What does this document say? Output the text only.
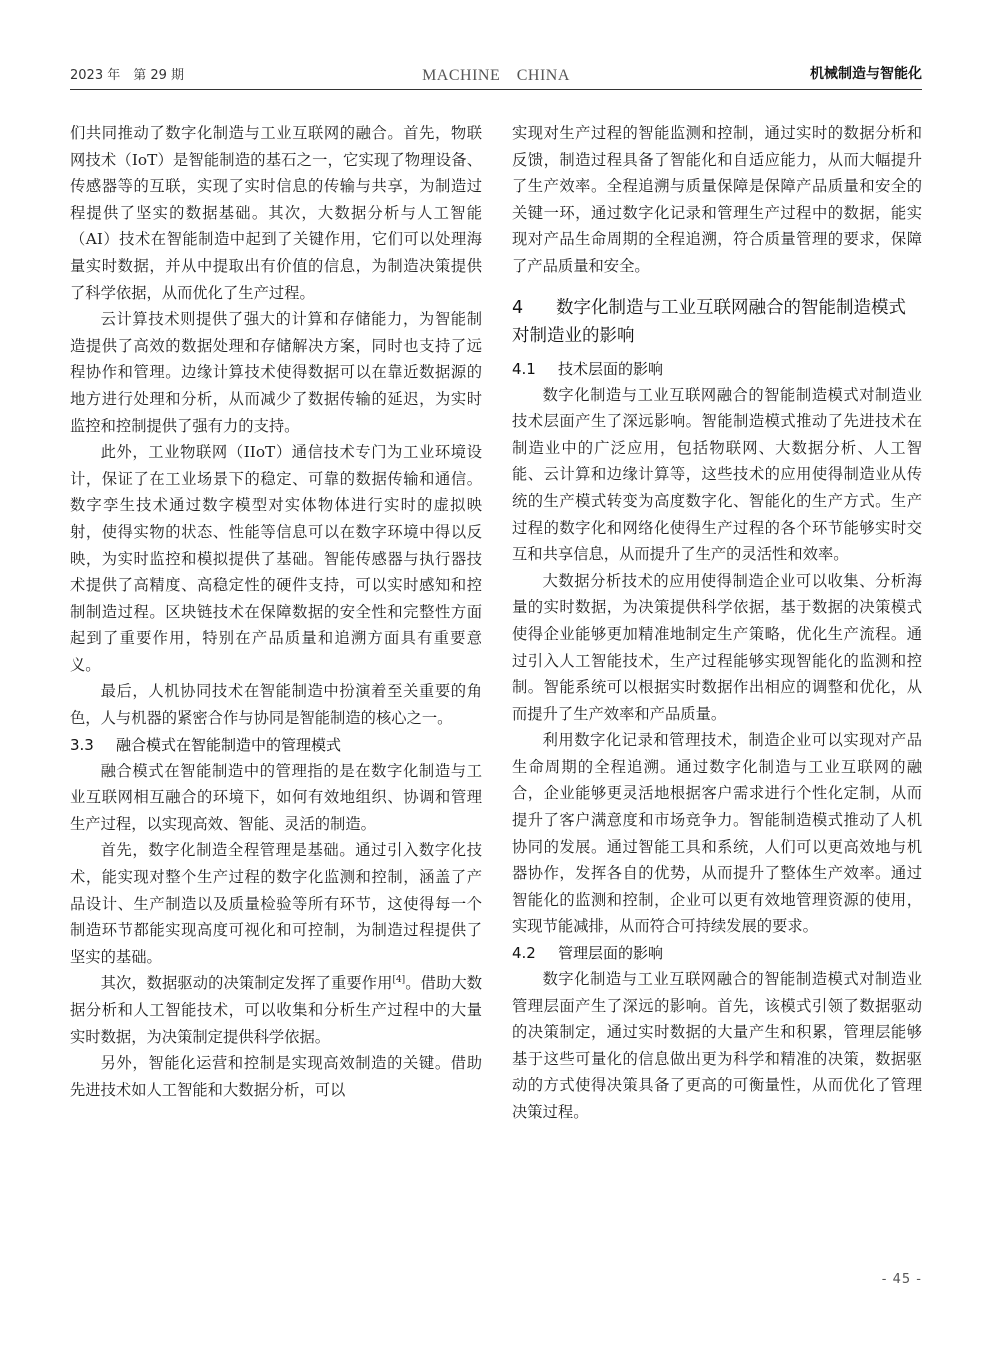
2023 年　第 29 期	MACHINE　CHINA	机械制造与智能化

们共同推动了数字化制造与工业互联网的融合。首先，物联网技术（IoT）是智能制造的基石之一，它实现了物理设备、传感器等的互联，实现了实时信息的传输与共享，为制造过程提供了坚实的数据基础。其次，大数据分析与人工智能（AI）技术在智能制造中起到了关键作用，它们可以处理海量实时数据，并从中提取出有价值的信息，为制造决策提供了科学依据，从而优化了生产过程。

云计算技术则提供了强大的计算和存储能力，为智能制造提供了高效的数据处理和存储解决方案，同时也支持了远程协作和管理。边缘计算技术使得数据可以在靠近数据源的地方进行处理和分析，从而减少了数据传输的延迟，为实时监控和控制提供了强有力的支持。

此外，工业物联网（IIoT）通信技术专门为工业环境设计，保证了在工业场景下的稳定、可靠的数据传输和通信。数字孪生技术通过数字模型对实体物体进行实时的虚拟映射，使得实物的状态、性能等信息可以在数字环境中得以反映，为实时监控和模拟提供了基础。智能传感器与执行器技术提供了高精度、高稳定性的硬件支持，可以实时感知和控制制造过程。区块链技术在保障数据的安全性和完整性方面起到了重要作用，特别在产品质量和追溯方面具有重要意义。

最后，人机协同技术在智能制造中扮演着至关重要的角色，人与机器的紧密合作与协同是智能制造的核心之一。

3.3 融合模式在智能制造中的管理模式

融合模式在智能制造中的管理指的是在数字化制造与工业互联网相互融合的环境下，如何有效地组织、协调和管理生产过程，以实现高效、智能、灵活的制造。

首先，数字化制造全程管理是基础。通过引入数字化技术，能实现对整个生产过程的数字化监测和控制，涵盖了产品设计、生产制造以及质量检验等所有环节，这使得每一个制造环节都能实现高度可视化和可控制，为制造过程提供了坚实的基础。

其次，数据驱动的决策制定发挥了重要作用[4]。借助大数据分析和人工智能技术，可以收集和分析生产过程中的大量实时数据，为决策制定提供科学依据。

另外，智能化运营和控制是实现高效制造的关键。借助先进技术如人工智能和大数据分析，可以

实现对生产过程的智能监测和控制，通过实时的数据分析和反馈，制造过程具备了智能化和自适应能力，从而大幅提升了生产效率。全程追溯与质量保障是保障产品质量和安全的关键一环，通过数字化记录和管理生产过程中的数据，能实现对产品生命周期的全程追溯，符合质量管理的要求，保障了产品质量和安全。

4 数字化制造与工业互联网融合的智能制造模式对制造业的影响
4.1 技术层面的影响

数字化制造与工业互联网融合的智能制造模式对制造业技术层面产生了深远影响。智能制造模式推动了先进技术在制造业中的广泛应用，包括物联网、大数据分析、人工智能、云计算和边缘计算等，这些技术的应用使得制造业从传统的生产模式转变为高度数字化、智能化的生产方式。生产过程的数字化和网络化使得生产过程的各个环节能够实时交互和共享信息，从而提升了生产的灵活性和效率。

大数据分析技术的应用使得制造企业可以收集、分析海量的实时数据，为决策提供科学依据，基于数据的决策模式使得企业能够更加精准地制定生产策略，优化生产流程。通过引入人工智能技术，生产过程能够实现智能化的监测和控制。智能系统可以根据实时数据作出相应的调整和优化，从而提升了生产效率和产品质量。

利用数字化记录和管理技术，制造企业可以实现对产品生命周期的全程追溯。通过数字化制造与工业互联网的融合，企业能够更灵活地根据客户需求进行个性化定制，从而提升了客户满意度和市场竞争力。智能制造模式推动了人机协同的发展。通过智能工具和系统，人们可以更高效地与机器协作，发挥各自的优势，从而提升了整体生产效率。通过智能化的监测和控制，企业可以更有效地管理资源的使用，实现节能减排，从而符合可持续发展的要求。

4.2 管理层面的影响

数字化制造与工业互联网融合的智能制造模式对制造业管理层面产生了深远的影响。首先，该模式引领了数据驱动的决策制定，通过实时数据的大量产生和积累，管理层能够基于这些可量化的信息做出更为科学和精准的决策，数据驱动的方式使得决策具备了更高的可衡量性，从而优化了管理决策过程。

- 45 -
